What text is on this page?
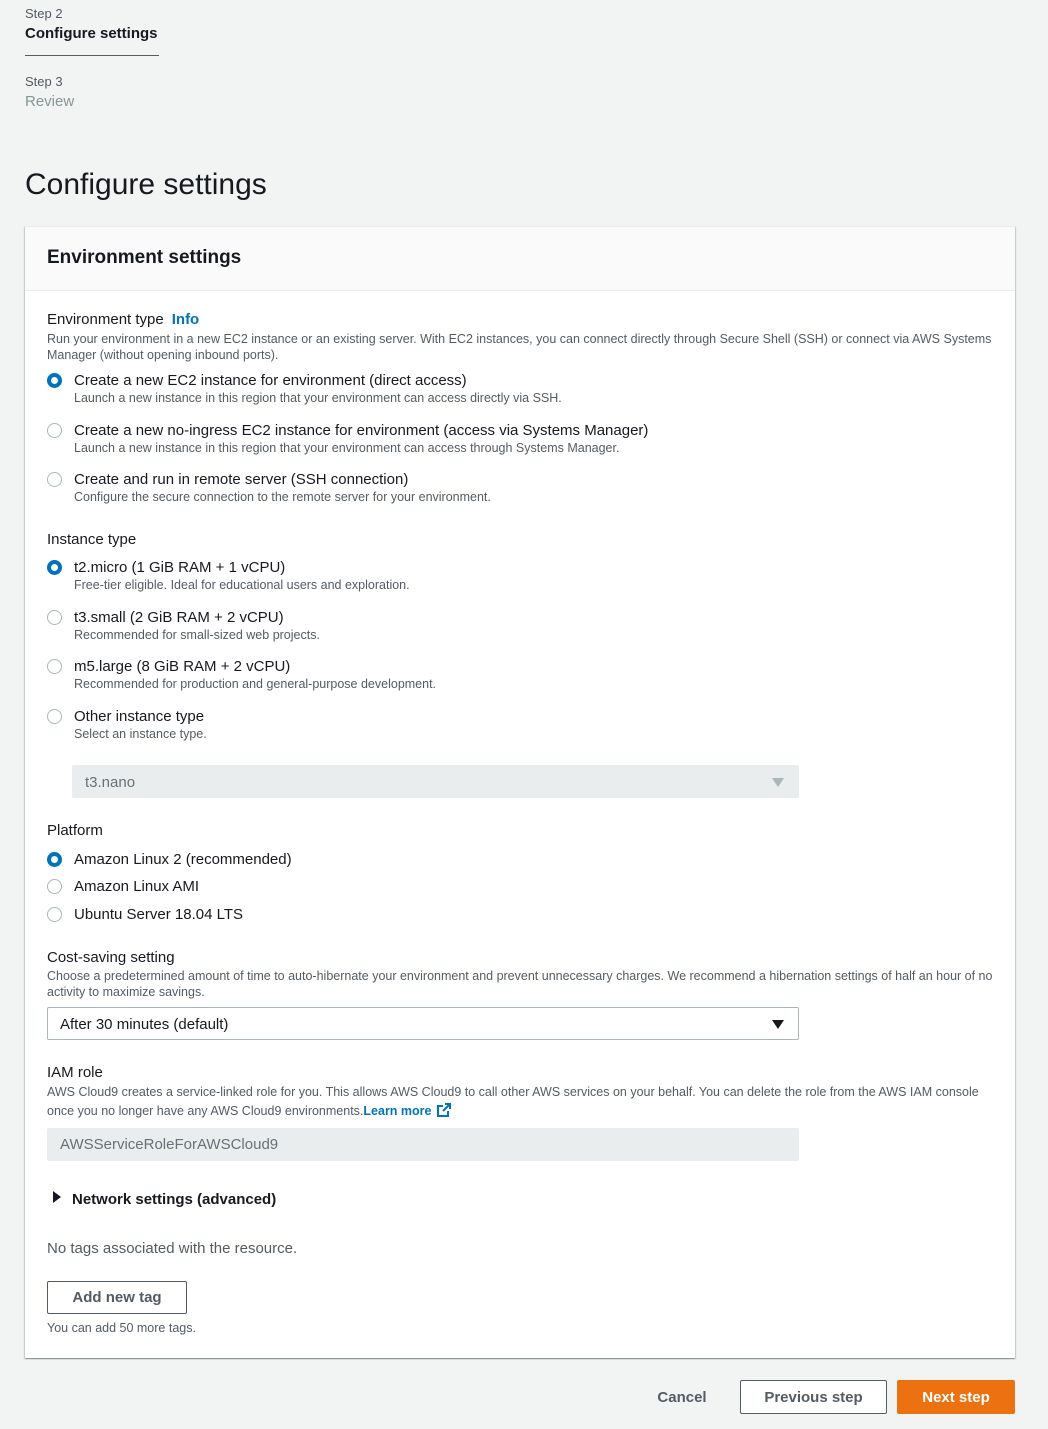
Step 2
Configure settings
Step 3
Review
Configure settings
Environment settings
Environment type Info
Run your environment in a new EC2 instance or an existing server. With EC2 instances, you can connect directly through Secure Shell (SSH) or connect via AWS Systems Manager (without opening inbound ports).
Create a new EC2 instance for environment (direct access)
Launch a new instance in this region that your environment can access directly via SSH.
Create a new no-ingress EC2 instance for environment (access via Systems Manager)
Launch a new instance in this region that your environment can access through Systems Manager.
Create and run in remote server (SSH connection)
Configure the secure connection to the remote server for your environment.
Instance type
t2.micro (1 GiB RAM + 1 vCPU)
Free-tier eligible. Ideal for educational users and exploration.
t3.small (2 GiB RAM + 2 vCPU)
Recommended for small-sized web projects.
m5.large (8 GiB RAM + 2 vCPU)
Recommended for production and general-purpose development.
Other instance type
Select an instance type.
t3.nano
Platform
Amazon Linux 2 (recommended)
Amazon Linux AMI
Ubuntu Server 18.04 LTS
Cost-saving setting
Choose a predetermined amount of time to auto-hibernate your environment and prevent unnecessary charges. We recommend a hibernation settings of half an hour of no activity to maximize savings.
After 30 minutes (default)
IAM role
AWS Cloud9 creates a service-linked role for you. This allows AWS Cloud9 to call other AWS services on your behalf. You can delete the role from the AWS IAM console once you no longer have any AWS Cloud9 environments.Learn more
AWSServiceRoleForAWSCloud9
Network settings (advanced)
No tags associated with the resource.
Add new tag
You can add 50 more tags.
Cancel	Previous step	Next step
